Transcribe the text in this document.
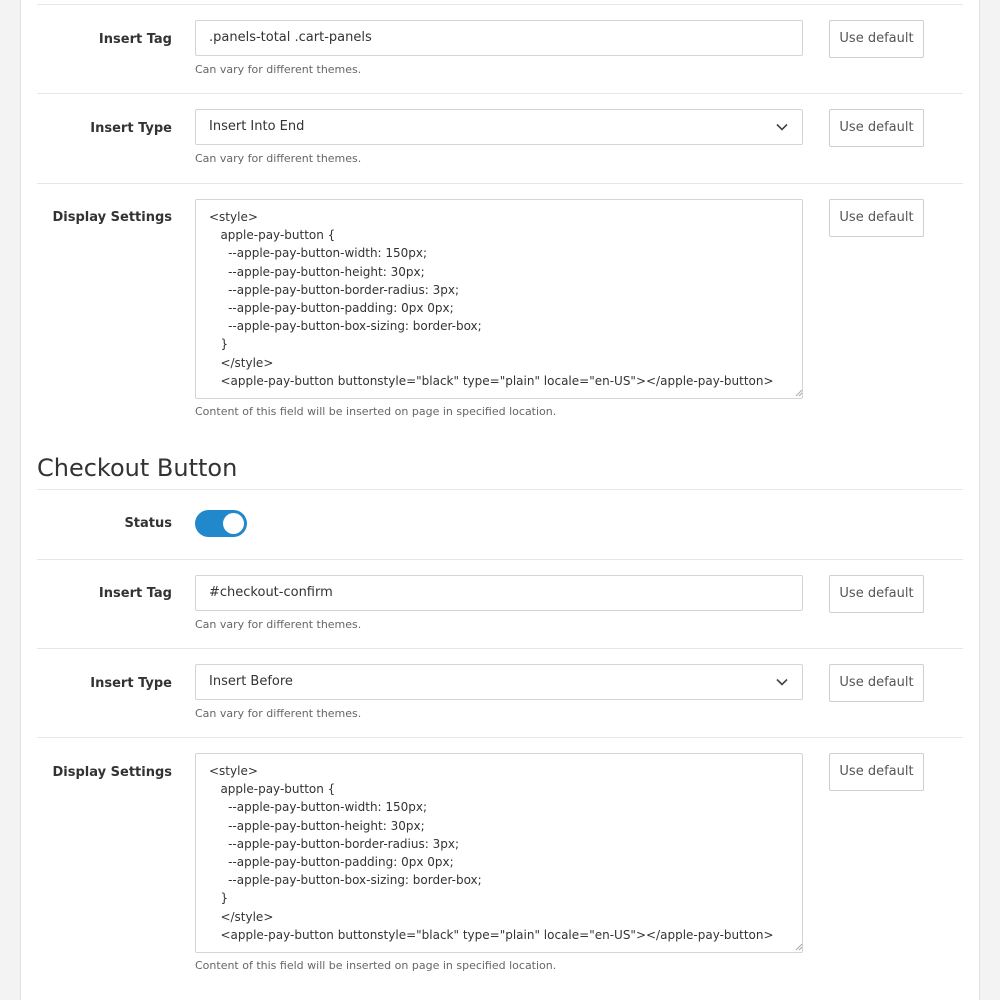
Insert Tag	.panels-total .cart-panels
Can vary for different themes.
Use default
Insert Type	Insert Into End
Can vary for different themes.
Use default
Display Settings	<style>
apple-pay-button {
--apple-pay-button-width: 150px;
--apple-pay-button-height: 30px;
--apple-pay-button-border-radius: 3px;
--apple-pay-button-padding: 0px 0px;
--apple-pay-button-box-sizing: border-box;
}
</style>
<apple-pay-button buttonstyle="black" type="plain" locale="en-US"></apple-pay-button>
Content of this field will be inserted on page in specified location.
Use default
Checkout Button
Status
Insert Tag	#checkout-confirm
Can vary for different themes.
Use default
Insert Type	Insert Before
Can vary for different themes.
Use default
Display Settings	<style>
apple-pay-button {
--apple-pay-button-width: 150px;
--apple-pay-button-height: 30px;
--apple-pay-button-border-radius: 3px;
--apple-pay-button-padding: 0px 0px;
--apple-pay-button-box-sizing: border-box;
}
</style>
<apple-pay-button buttonstyle="black" type="plain" locale="en-US"></apple-pay-button>
Content of this field will be inserted on page in specified location.
Use default
